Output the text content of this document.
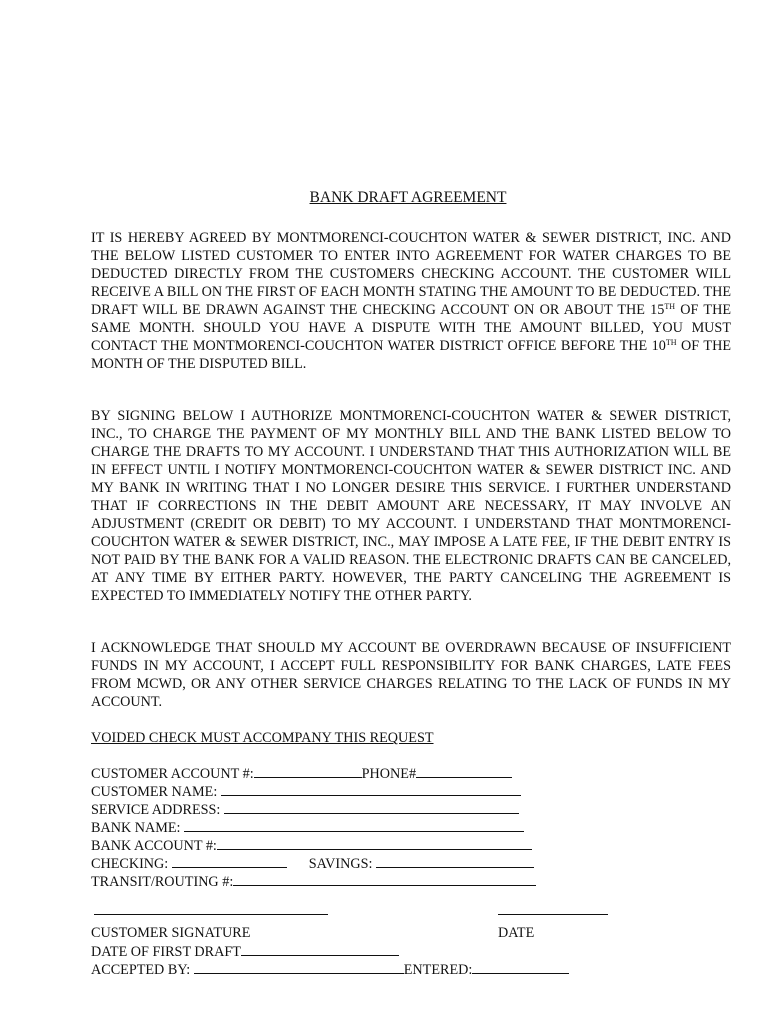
BANK DRAFT AGREEMENT
IT IS HEREBY AGREED BY MONTMORENCI-COUCHTON WATER & SEWER DISTRICT, INC. AND THE BELOW LISTED CUSTOMER TO ENTER INTO AGREEMENT FOR WATER CHARGES TO BE DEDUCTED DIRECTLY FROM THE CUSTOMERS CHECKING ACCOUNT. THE CUSTOMER WILL RECEIVE A BILL ON THE FIRST OF EACH MONTH STATING THE AMOUNT TO BE DEDUCTED. THE DRAFT WILL BE DRAWN AGAINST THE CHECKING ACCOUNT ON OR ABOUT THE 15TH OF THE SAME MONTH. SHOULD YOU HAVE A DISPUTE WITH THE AMOUNT BILLED, YOU MUST CONTACT THE MONTMORENCI-COUCHTON WATER DISTRICT OFFICE BEFORE THE 10TH OF THE MONTH OF THE DISPUTED BILL.
BY SIGNING BELOW I AUTHORIZE MONTMORENCI-COUCHTON WATER & SEWER DISTRICT, INC., TO CHARGE THE PAYMENT OF MY MONTHLY BILL AND THE BANK LISTED BELOW TO CHARGE THE DRAFTS TO MY ACCOUNT. I UNDERSTAND THAT THIS AUTHORIZATION WILL BE IN EFFECT UNTIL I NOTIFY MONTMORENCI-COUCHTON WATER & SEWER DISTRICT INC. AND MY BANK IN WRITING THAT I NO LONGER DESIRE THIS SERVICE. I FURTHER UNDERSTAND THAT IF CORRECTIONS IN THE DEBIT AMOUNT ARE NECESSARY, IT MAY INVOLVE AN ADJUSTMENT (CREDIT OR DEBIT) TO MY ACCOUNT. I UNDERSTAND THAT MONTMORENCI-COUCHTON WATER & SEWER DISTRICT, INC., MAY IMPOSE A LATE FEE, IF THE DEBIT ENTRY IS NOT PAID BY THE BANK FOR A VALID REASON. THE ELECTRONIC DRAFTS CAN BE CANCELED, AT ANY TIME BY EITHER PARTY. HOWEVER, THE PARTY CANCELING THE AGREEMENT IS EXPECTED TO IMMEDIATELY NOTIFY THE OTHER PARTY.
I ACKNOWLEDGE THAT SHOULD MY ACCOUNT BE OVERDRAWN BECAUSE OF INSUFFICIENT FUNDS IN MY ACCOUNT, I ACCEPT FULL RESPONSIBILITY FOR BANK CHARGES, LATE FEES FROM MCWD, OR ANY OTHER SERVICE CHARGES RELATING TO THE LACK OF FUNDS IN MY ACCOUNT.
VOIDED CHECK MUST ACCOMPANY THIS REQUEST
CUSTOMER ACCOUNT #:	PHONE#
CUSTOMER NAME:
SERVICE ADDRESS:
BANK NAME:
BANK ACCOUNT #:
CHECKING:	SAVINGS:
TRANSIT/ROUTING #:
CUSTOMER SIGNATURE	DATE
DATE OF FIRST DRAFT
ACCEPTED BY:	ENTERED:
